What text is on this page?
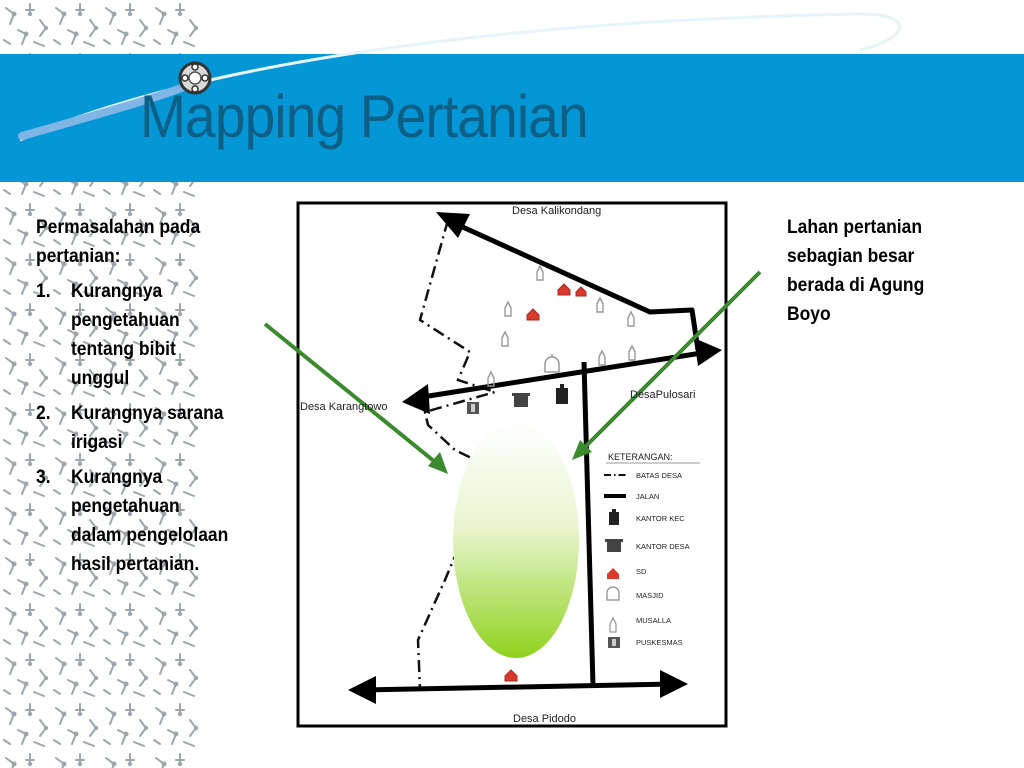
Mapping Pertanian

Permasalahan pada pertanian:

1. Kurangnya pengetahuan tentang bibit unggul
2. Kurangnya sarana irigasi
3. Kurangnya pengetahuan dalam pengelolaan hasil pertanian.
Lahan pertanian sebagian besar berada di Agung Boyo
Desa Kalikondang
Desa Karangtowo
DesaPulosari
Desa Pidodo
KETERANGAN:
BATAS DESA
JALAN
KANTOR KEC
KANTOR DESA
SD
MASJID
MUSALLA
PUSKESMAS
